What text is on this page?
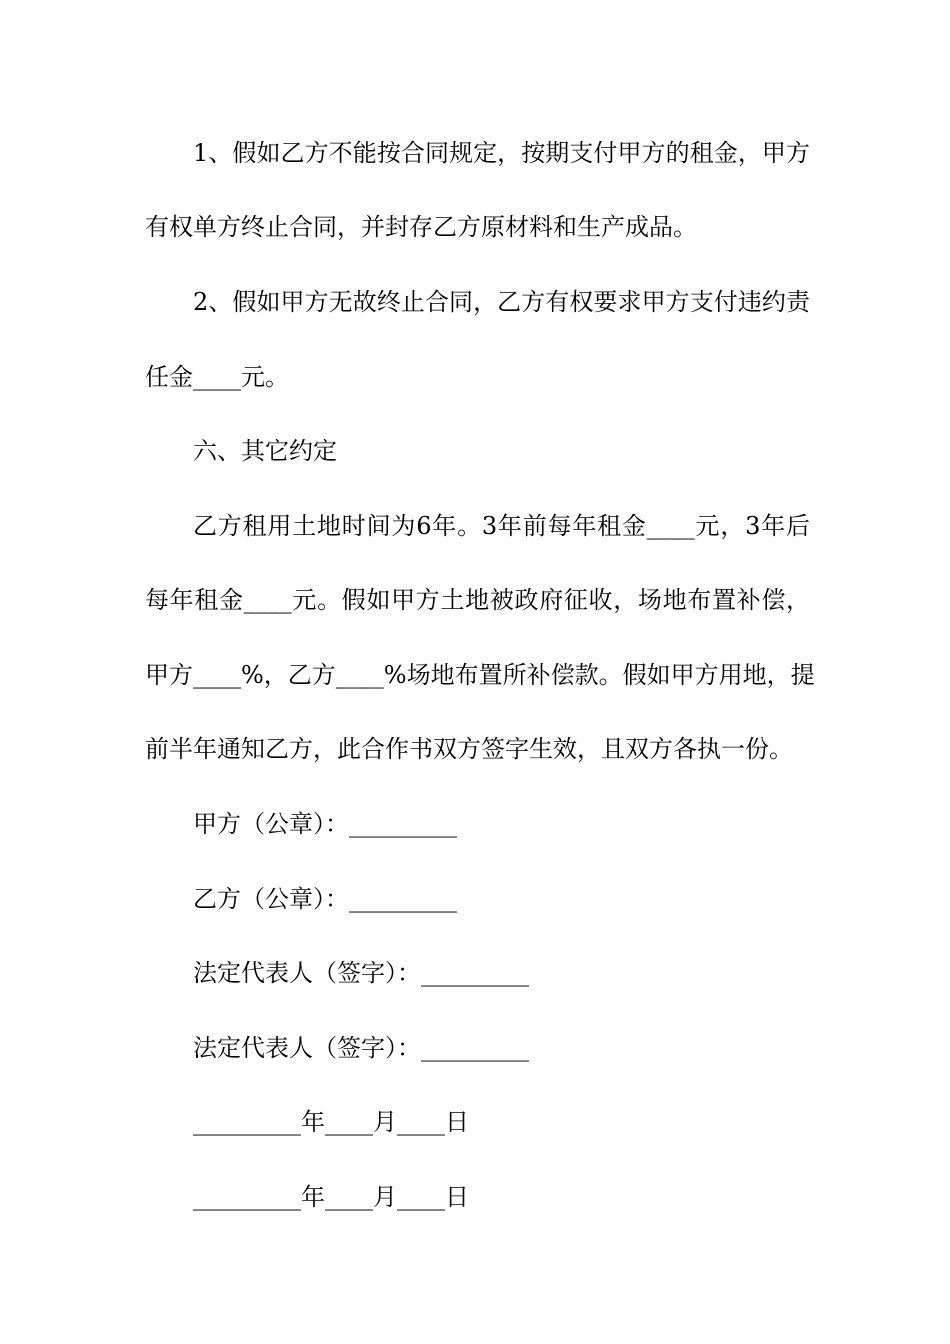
1、假如乙方不能按合同规定，按期支付甲方的租金，甲方

有权单方终止合同，并封存乙方原材料和生产成品。

2、假如甲方无故终止合同，乙方有权要求甲方支付违约责

任金____元。

六、其它约定

乙方租用土地时间为6年。3年前每年租金____元，3年后

每年租金____元。假如甲方土地被政府征收，场地布置补偿，

甲方____%，乙方____%场地布置所补偿款。假如甲方用地，提

前半年通知乙方，此合作书双方签字生效，且双方各执一份。

甲方（公章）：_________

乙方（公章）：_________

法定代表人（签字）：_________

法定代表人（签字）：_________

_________年____月____日

_________年____月____日
